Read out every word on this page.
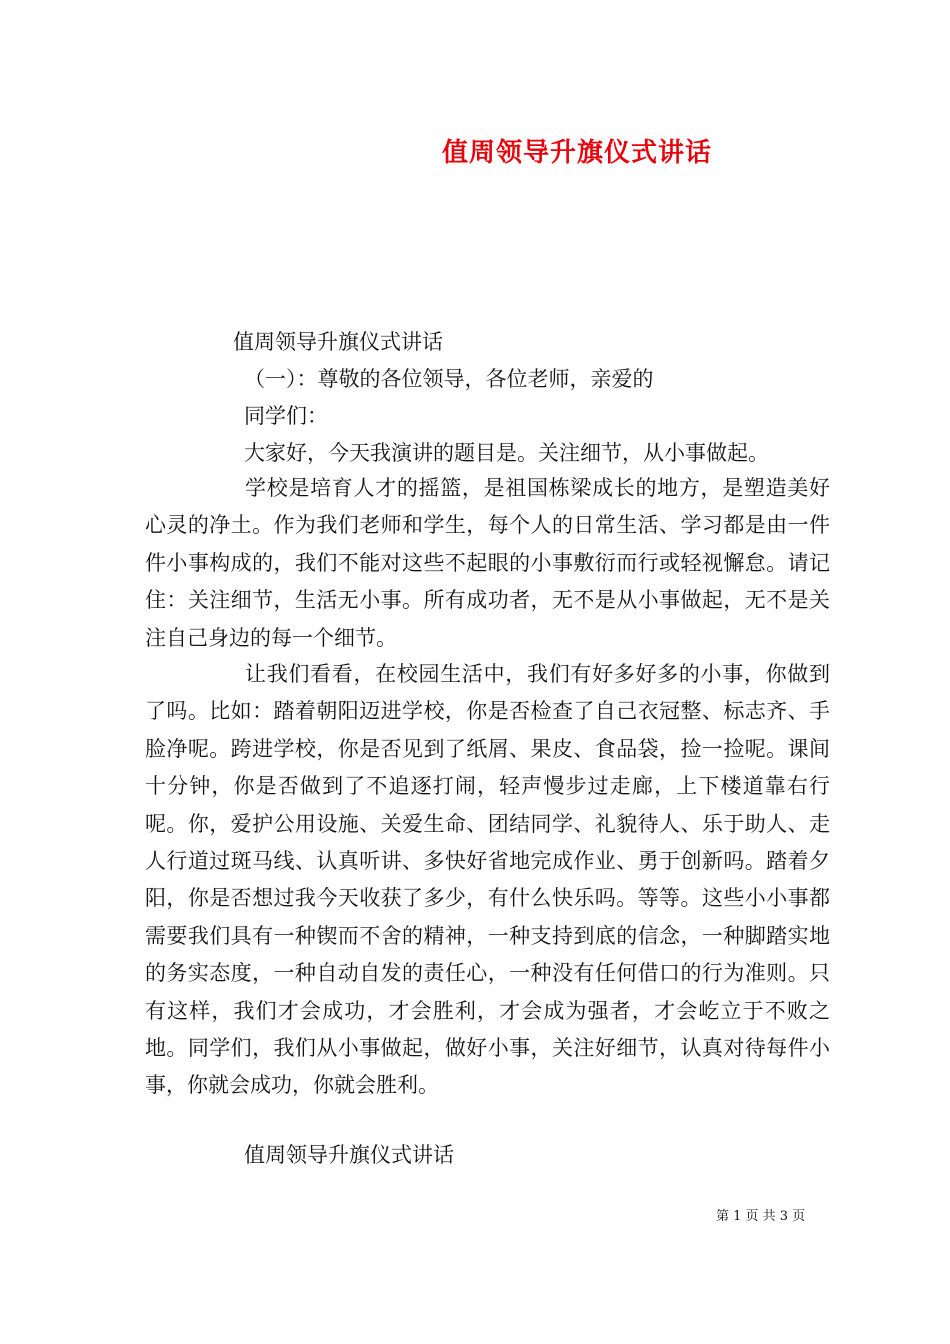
值周领导升旗仪式讲话
值周领导升旗仪式讲话
（一）：尊敬的各位领导，各位老师，亲爱的
同学们：
大家好，今天我演讲的题目是。关注细节，从小事做起。

学校是培育人才的摇篮，是祖国栋梁成长的地方，是塑造美好心灵的净土。作为我们老师和学生，每个人的日常生活、学习都是由一件件小事构成的，我们不能对这些不起眼的小事敷衍而行或轻视懈怠。请记住：关注细节，生活无小事。所有成功者，无不是从小事做起，无不是关注自己身边的每一个细节。

让我们看看，在校园生活中，我们有好多好多的小事，你做到了吗。比如：踏着朝阳迈进学校，你是否检查了自己衣冠整、标志齐、手脸净呢。跨进学校，你是否见到了纸屑、果皮、食品袋，捡一捡呢。课间十分钟，你是否做到了不追逐打闹，轻声慢步过走廊，上下楼道靠右行呢。你，爱护公用设施、关爱生命、团结同学、礼貌待人、乐于助人、走人行道过斑马线、认真听讲、多快好省地完成作业、勇于创新吗。踏着夕阳，你是否想过我今天收获了多少，有什么快乐吗。等等。这些小小事都需要我们具有一种锲而不舍的精神，一种支持到底的信念，一种脚踏实地的务实态度，一种自动自发的责任心，一种没有任何借口的行为准则。只有这样，我们才会成功，才会胜利，才会成为强者，才会屹立于不败之地。同学们，我们从小事做起，做好小事，关注好细节，认真对待每件小事，你就会成功，你就会胜利。

值周领导升旗仪式讲话
第 1 页 共 3 页
